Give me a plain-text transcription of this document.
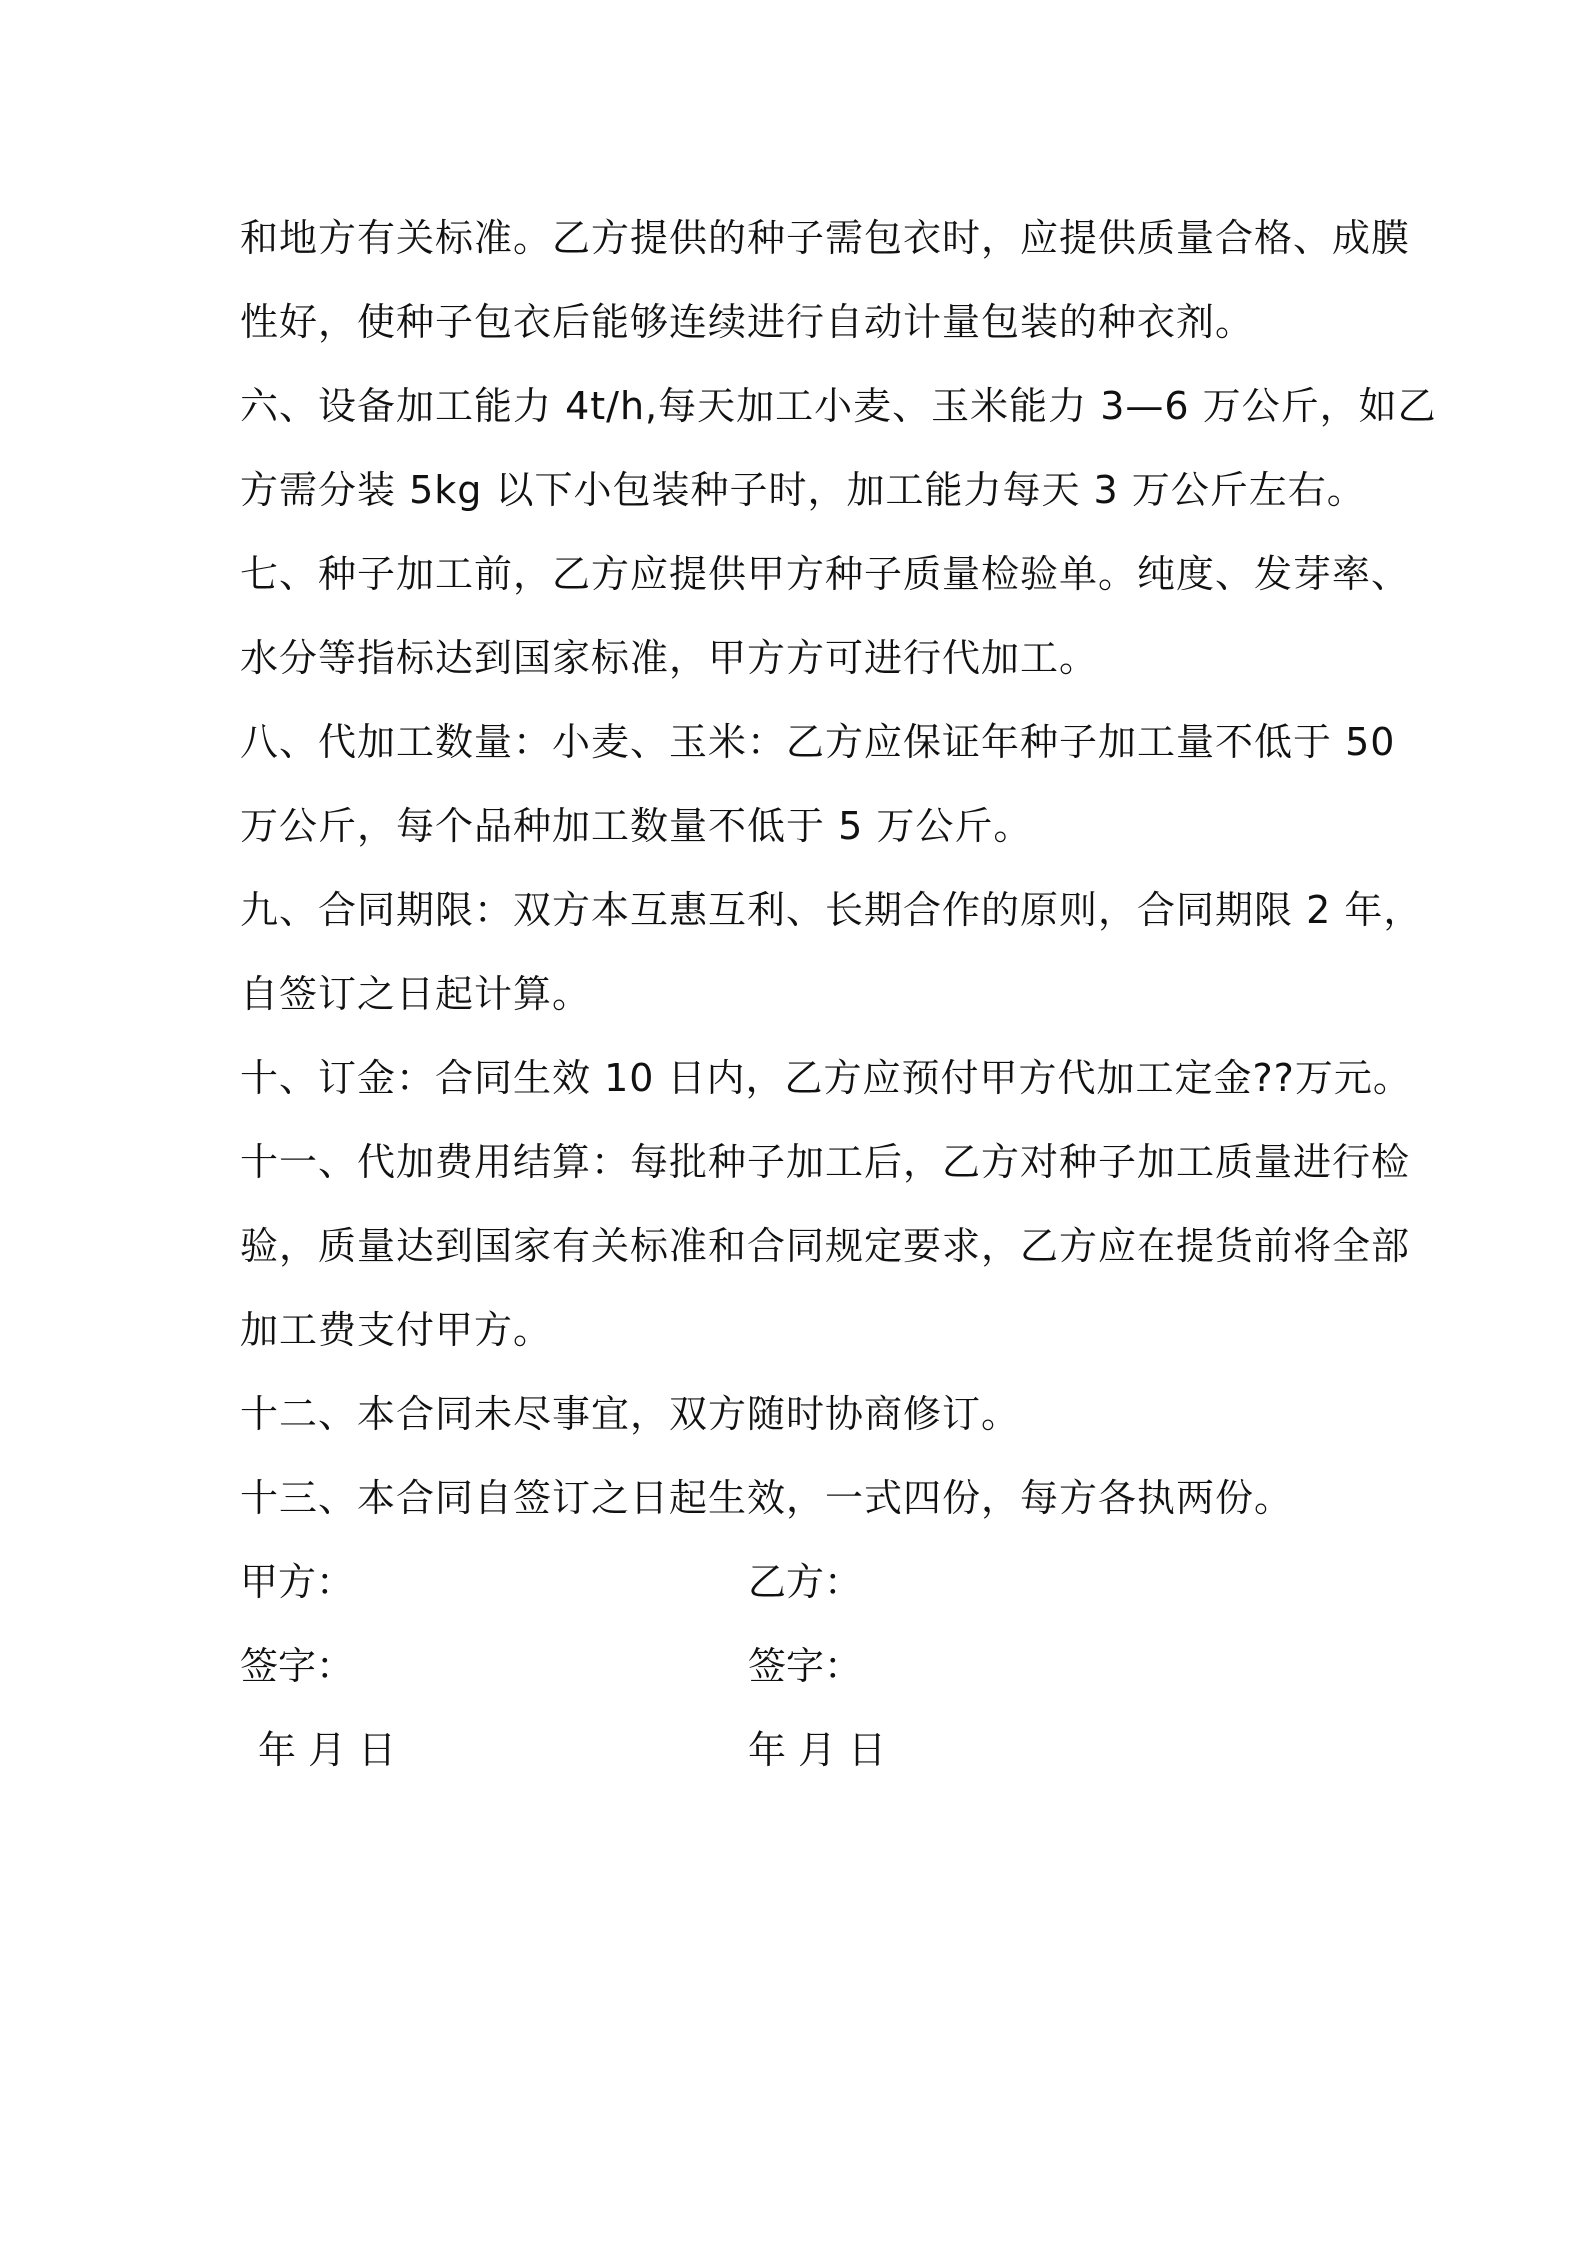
和地方有关标准。乙方提供的种子需包衣时，应提供质量合格、成膜
性好，使种子包衣后能够连续进行自动计量包装的种衣剂。
六、设备加工能力 4t/h,每天加工小麦、玉米能力 3—6 万公斤，如乙
方需分装 5kg 以下小包装种子时，加工能力每天 3 万公斤左右。
七、种子加工前，乙方应提供甲方种子质量检验单。纯度、发芽率、
水分等指标达到国家标准，甲方方可进行代加工。
八、代加工数量：小麦、玉米：乙方应保证年种子加工量不低于 50
万公斤，每个品种加工数量不低于 5 万公斤。
九、合同期限：双方本互惠互利、长期合作的原则，合同期限 2 年，
自签订之日起计算。
十、订金：合同生效 10 日内，乙方应预付甲方代加工定金??万元。
十一、代加费用结算：每批种子加工后，乙方对种子加工质量进行检
验，质量达到国家有关标准和合同规定要求，乙方应在提货前将全部
加工费支付甲方。
十二、本合同未尽事宜，双方随时协商修订。
十三、本合同自签订之日起生效，一式四份，每方各执两份。
甲方：	乙方：
签字：	签字：
年 月 日	年 月 日
